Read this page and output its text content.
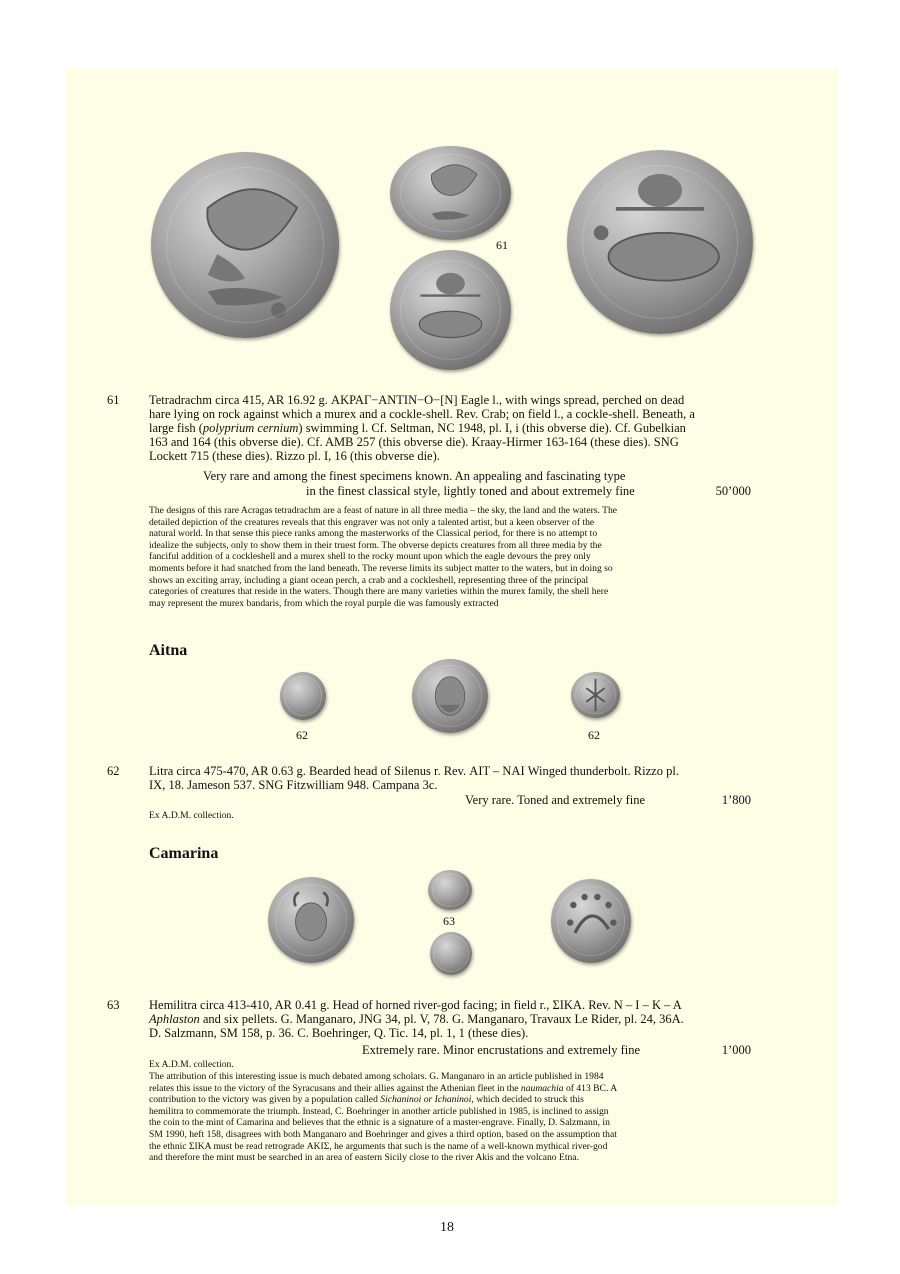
61
61 Tetradrachm circa 415, AR 16.92 g. ΑΚΡΑΓ−ΑΝΤΙΝ−Ο−[Ν] Eagle l., with wings spread, perched on dead
hare lying on rock against which a murex and a cockle-shell. Rev. Crab; on field l., a cockle-shell. Beneath, a
large fish (polyprium cernium) swimming l. Cf. Seltman, NC 1948, pl. I, i (this obverse die). Cf. Gubelkian
163 and 164 (this obverse die). Cf. AMB 257 (this obverse die). Kraay-Hirmer 163-164 (these dies). SNG
Lockett 715 (these dies). Rizzo pl. I, 16 (this obverse die).
Very rare and among the finest specimens known. An appealing and fascinating type
in the finest classical style, lightly toned and about extremely fine	50’000
The designs of this rare Acragas tetradrachm are a feast of nature in all three media – the sky, the land and the waters. The
detailed depiction of the creatures reveals that this engraver was not only a talented artist, but a keen observer of the
natural world. In that sense this piece ranks among the masterworks of the Classical period, for there is no attempt to
idealize the subjects, only to show them in their truest form. The obverse depicts creatures from all three media by the
fanciful addition of a cockleshell and a murex shell to the rocky mount upon which the eagle devours the prey only
moments before it had snatched from the land beneath. The reverse limits its subject matter to the waters, but in doing so
shows an exciting array, including a giant ocean perch, a crab and a cockleshell, representing three of the principal
categories of creatures that reside in the waters. Though there are many varieties within the murex family, the shell here
may represent the murex bandaris, from which the royal purple die was famously extracted
Aitna
62	62
62 Litra circa 475-470, AR 0.63 g. Bearded head of Silenus r. Rev. ΑΙΤ – ΝΑΙ Winged thunderbolt. Rizzo pl.
IX, 18. Jameson 537. SNG Fitzwilliam 948. Campana 3c.
Very rare. Toned and extremely fine	1’800
Ex A.D.M. collection.
Camarina
63
63 Hemilitra circa 413-410, AR 0.41 g. Head of horned river-god facing; in field r., ΣΙΚΑ. Rev. Ν – Ι – Κ – Α
Aphlaston and six pellets. G. Manganaro, JNG 34, pl. V, 78. G. Manganaro, Travaux Le Rider, pl. 24, 36A.
D. Salzmann, SM 158, p. 36. C. Boehringer, Q. Tic. 14, pl. 1, 1 (these dies).
Extremely rare. Minor encrustations and extremely fine	1’000
Ex A.D.M. collection.
The attribution of this interesting issue is much debated among scholars. G. Manganaro in an article published in 1984
relates this issue to the victory of the Syracusans and their allies against the Athenian fleet in the naumachia of 413 BC. A
contribution to the victory was given by a population called Sichaninoi or Ichaninoi, which decided to struck this
hemilitra to commemorate the triumph. Instead, C. Boehringer in another article published in 1985, is inclined to assign
the coin to the mint of Camarina and believes that the ethnic is a signature of a master-engrave. Finally, D. Salzmann, in
SM 1990, heft 158, disagrees with both Manganaro and Boehringer and gives a third option, based on the assumption that
the ethnic ΣΙΚΑ must be read retrograde ΑΚΙΣ, he arguments that such is the name of a well-known mythical river-god
and therefore the mint must be searched in an area of eastern Sicily close to the river Akis and the volcano Etna.
18
